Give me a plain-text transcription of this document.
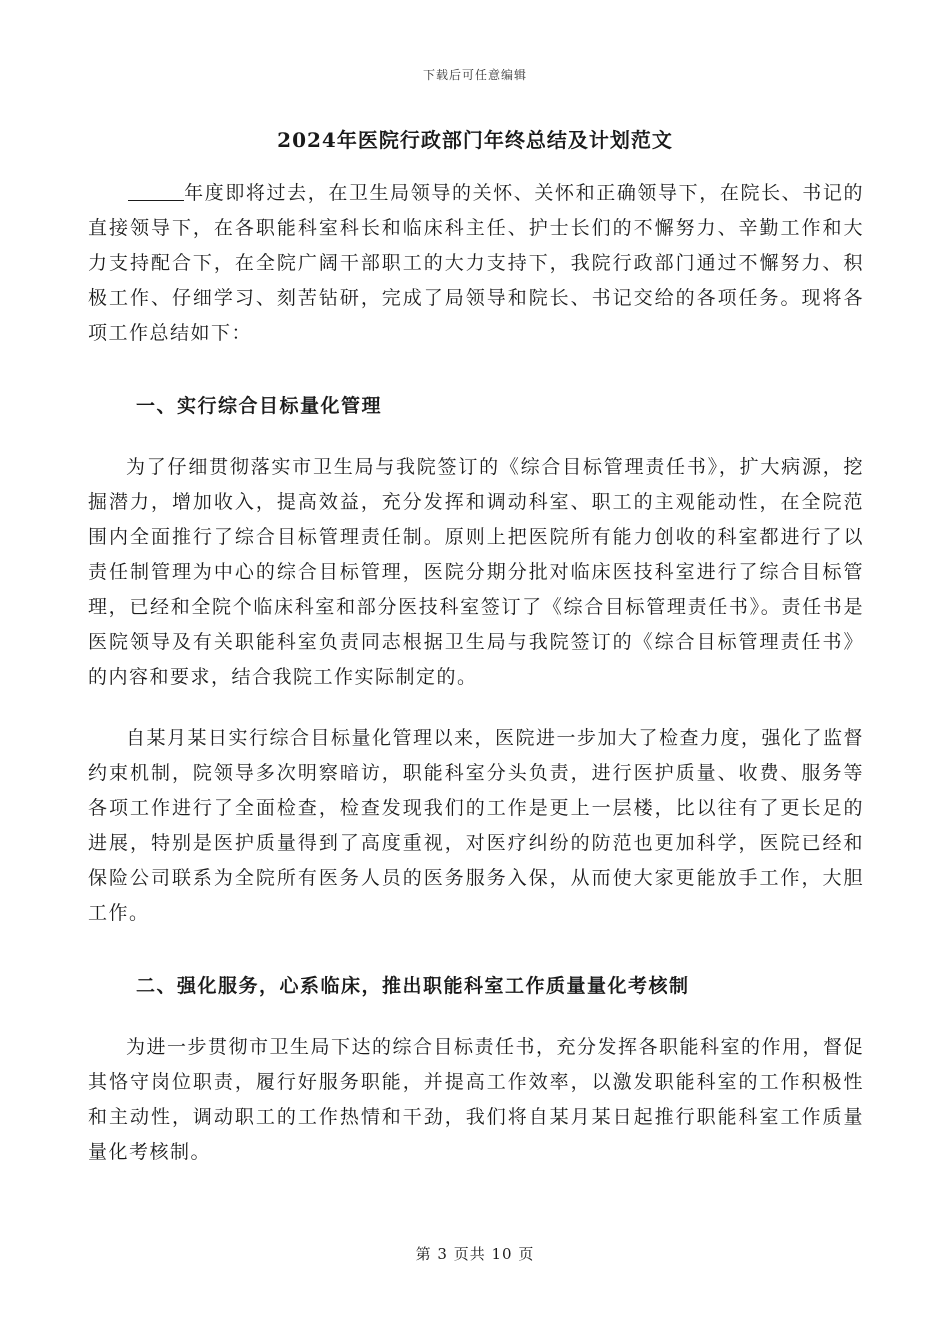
下载后可任意编辑
2024年医院行政部门年终总结及计划范文

年度即将过去，在卫生局领导的关怀、关怀和正确领导下，在院长、书记的直接领导下，在各职能科室科长和临床科主任、护士长们的不懈努力、辛勤工作和大力支持配合下，在全院广阔干部职工的大力支持下，我院行政部门通过不懈努力、积极工作、仔细学习、刻苦钻研，完成了局领导和院长、书记交给的各项任务。现将各项工作总结如下：

一、实行综合目标量化管理

为了仔细贯彻落实市卫生局与我院签订的《综合目标管理责任书》，扩大病源，挖掘潜力，增加收入，提高效益，充分发挥和调动科室、职工的主观能动性，在全院范围内全面推行了综合目标管理责任制。原则上把医院所有能力创收的科室都进行了以责任制管理为中心的综合目标管理，医院分期分批对临床医技科室进行了综合目标管理，已经和全院个临床科室和部分医技科室签订了《综合目标管理责任书》。责任书是医院领导及有关职能科室负责同志根据卫生局与我院签订的《综合目标管理责任书》的内容和要求，结合我院工作实际制定的。

自某月某日实行综合目标量化管理以来，医院进一步加大了检查力度，强化了监督约束机制，院领导多次明察暗访，职能科室分头负责，进行医护质量、收费、服务等各项工作进行了全面检查，检查发现我们的工作是更上一层楼，比以往有了更长足的进展，特别是医护质量得到了高度重视，对医疗纠纷的防范也更加科学，医院已经和保险公司联系为全院所有医务人员的医务服务入保，从而使大家更能放手工作，大胆工作。

二、强化服务，心系临床，推出职能科室工作质量量化考核制

为进一步贯彻市卫生局下达的综合目标责任书，充分发挥各职能科室的作用，督促其恪守岗位职责，履行好服务职能，并提高工作效率，以激发职能科室的工作积极性和主动性，调动职工的工作热情和干劲，我们将自某月某日起推行职能科室工作质量量化考核制。

第 3 页共 10 页
